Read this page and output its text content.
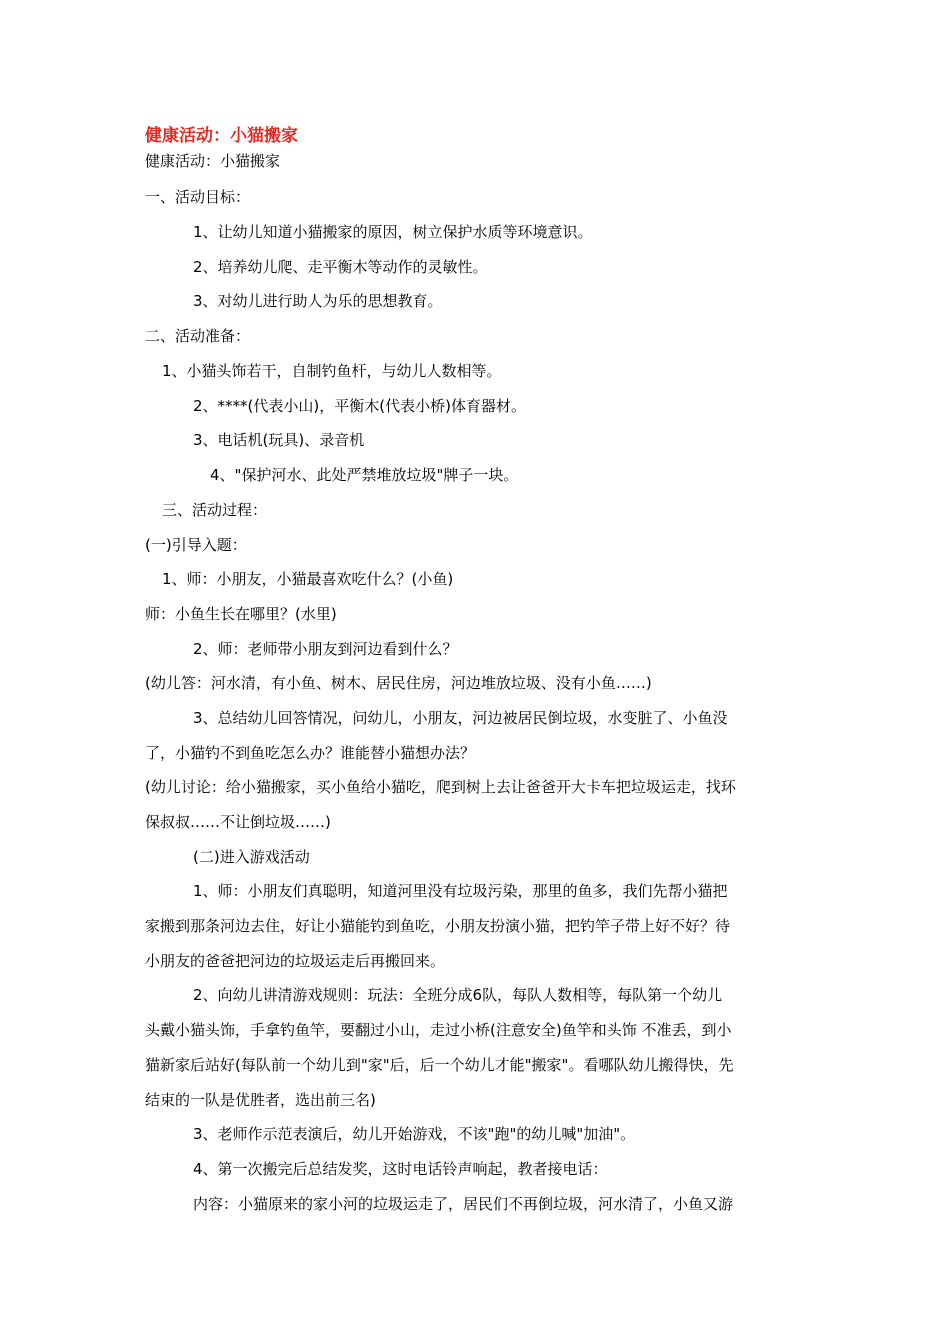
健康活动：小猫搬家
健康活动：小猫搬家
一、活动目标：
1、让幼儿知道小猫搬家的原因，树立保护水质等环境意识。
2、培养幼儿爬、走平衡木等动作的灵敏性。
3、对幼儿进行助人为乐的思想教育。
二、活动准备：
1、小猫头饰若干，自制钓鱼杆，与幼儿人数相等。
2、****(代表小山)，平衡木(代表小桥)体育器材。
3、电话机(玩具)、录音机
4、"保护河水、此处严禁堆放垃圾"牌子一块。
三、活动过程：
(一)引导入题：
1、师：小朋友，小猫最喜欢吃什么？(小鱼)
师：小鱼生长在哪里？(水里)
2、师：老师带小朋友到河边看到什么？
(幼儿答：河水清，有小鱼、树木、居民住房，河边堆放垃圾、没有小鱼……)
3、总结幼儿回答情况，问幼儿，小朋友，河边被居民倒垃圾，水变脏了、小鱼没
了，小猫钓不到鱼吃怎么办？谁能替小猫想办法？
(幼儿讨论：给小猫搬家，买小鱼给小猫吃，爬到树上去让爸爸开大卡车把垃圾运走，找环
保叔叔……不让倒垃圾……)
(二)进入游戏活动
1、师：小朋友们真聪明，知道河里没有垃圾污染，那里的鱼多，我们先帮小猫把
家搬到那条河边去住，好让小猫能钓到鱼吃，小朋友扮演小猫，把钓竿子带上好不好？待
小朋友的爸爸把河边的垃圾运走后再搬回来。
2、向幼儿讲清游戏规则：玩法：全班分成6队，每队人数相等，每队第一个幼儿
头戴小猫头饰，手拿钓鱼竿，要翻过小山，走过小桥(注意安全)鱼竿和头饰 不准丢，到小
猫新家后站好(每队前一个幼儿到"家"后，后一个幼儿才能"搬家"。看哪队幼儿搬得快，先
结束的一队是优胜者，选出前三名)
3、老师作示范表演后，幼儿开始游戏，不该"跑"的幼儿喊"加油"。
4、第一次搬完后总结发奖，这时电话铃声响起，教者接电话：
内容：小猫原来的家小河的垃圾运走了，居民们不再倒垃圾，河水清了，小鱼又游
